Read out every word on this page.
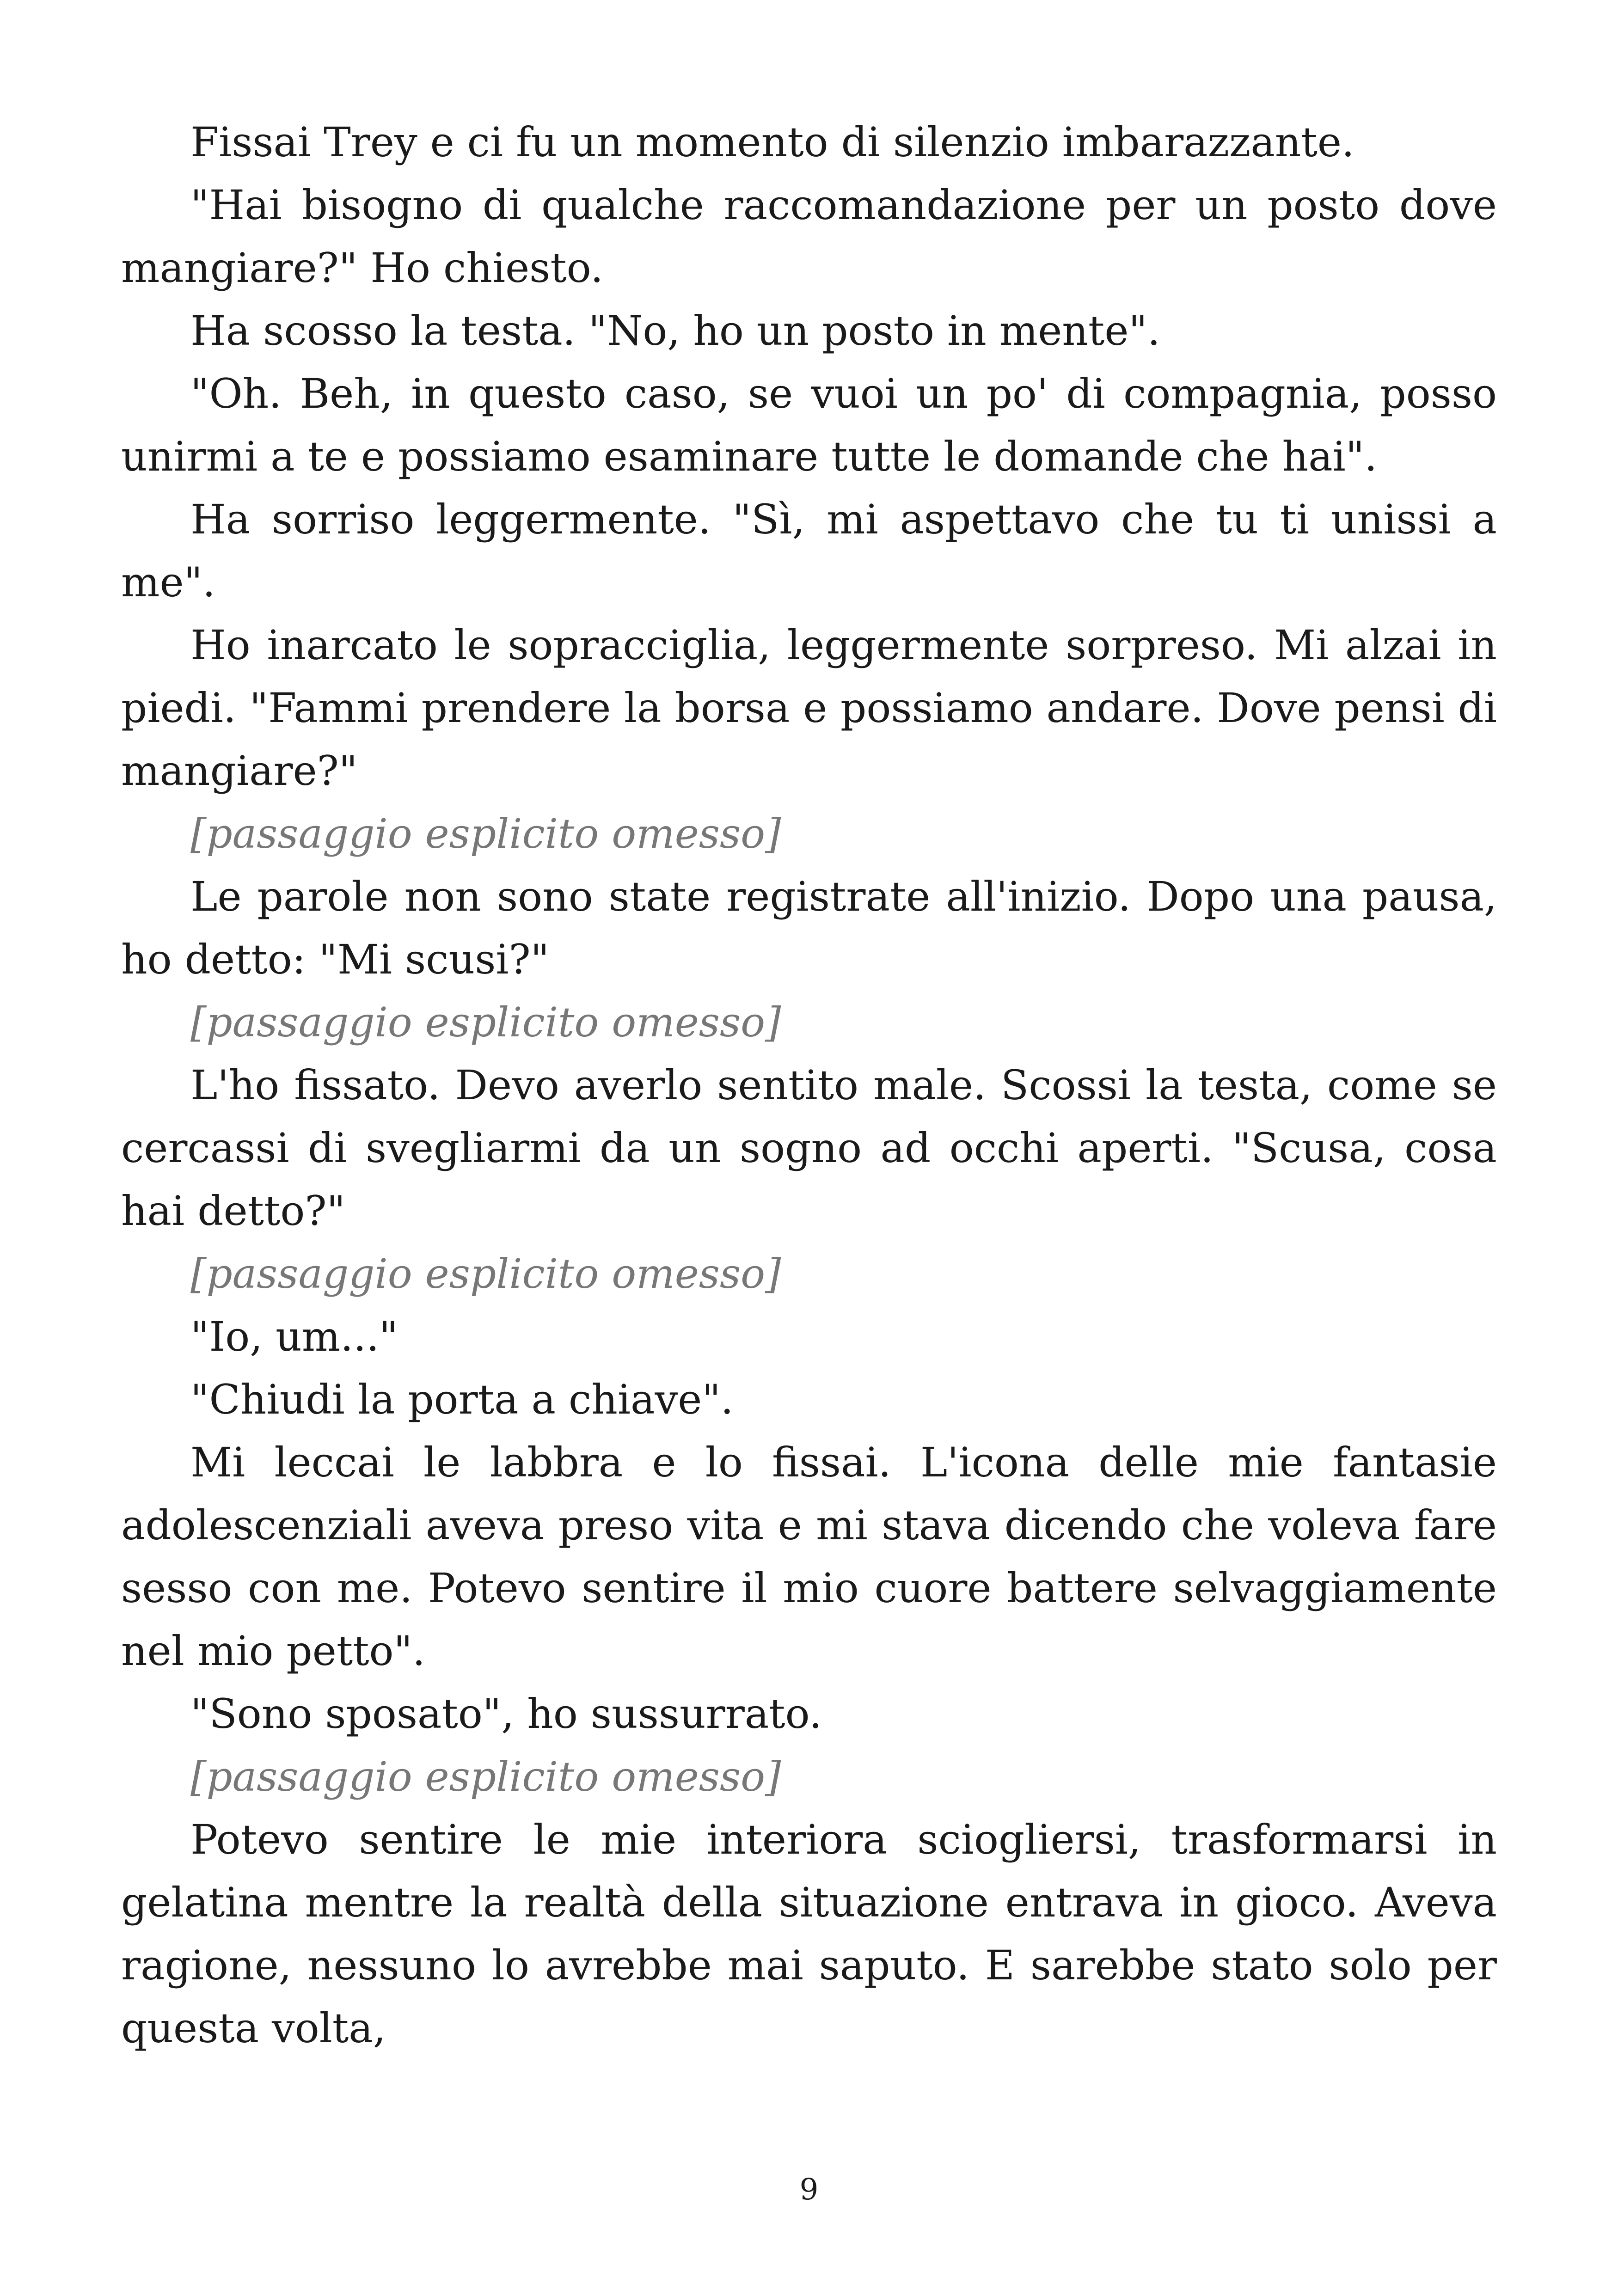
Fissai Trey e ci fu un momento di silenzio imbarazzante.

"Hai bisogno di qualche raccomandazione per un posto dove mangiare?" Ho chiesto.

Ha scosso la testa. "No, ho un posto in mente".

"Oh. Beh, in questo caso, se vuoi un po' di compagnia, posso unirmi a te e possiamo esaminare tutte le domande che hai".

Ha sorriso leggermente. "Sì, mi aspettavo che tu ti unissi a me".

Ho inarcato le sopracciglia, leggermente sorpreso. Mi alzai in piedi. "Fammi prendere la borsa e possiamo andare. Dove pensi di mangiare?"

[passaggio esplicito omesso]

Le parole non sono state registrate all'inizio. Dopo una pausa, ho detto: "Mi scusi?"

[passaggio esplicito omesso]

L'ho fissato. Devo averlo sentito male. Scossi la testa, come se cercassi di svegliarmi da un sogno ad occhi aperti. "Scusa, cosa hai detto?"

[passaggio esplicito omesso]

"Io, um..."

"Chiudi la porta a chiave".

Mi leccai le labbra e lo fissai. L'icona delle mie fantasie adolescenziali aveva preso vita e mi stava dicendo che voleva fare sesso con me. Potevo sentire il mio cuore battere selvaggiamente nel mio petto".

"Sono sposato", ho sussurrato.

[passaggio esplicito omesso]

Potevo sentire le mie interiora sciogliersi, trasformarsi in gelatina mentre la realtà della situazione entrava in gioco. Aveva ragione, nessuno lo avrebbe mai saputo. E sarebbe stato solo per questa volta,

9
